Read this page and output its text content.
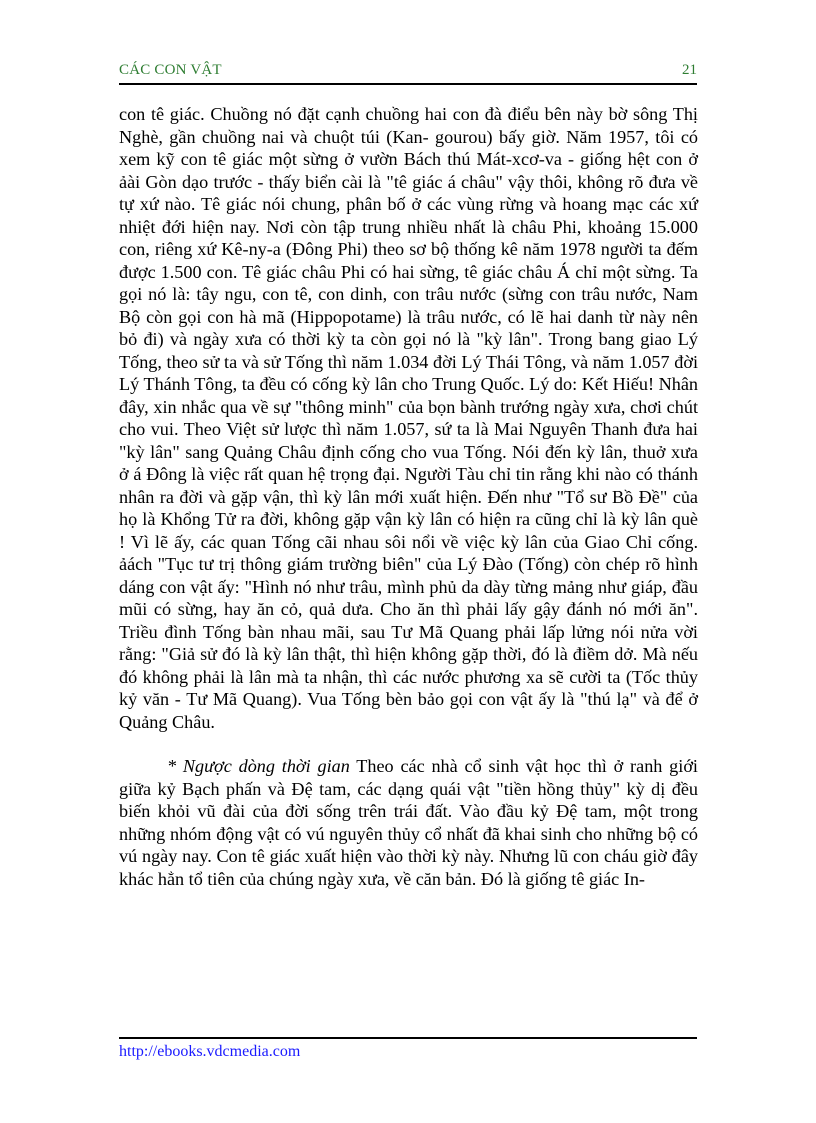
CÁC CON VẬT	21

con tê giác. Chuồng nó đặt cạnh chuồng hai con đà điểu bên này bờ sông Thị Nghè, gần chuồng nai và chuột túi (Kan- gourou) bấy giờ. Năm 1957, tôi có xem kỹ con tê giác một sừng ở vườn Bách thú Mát-xcơ-va - giống hệt con ở ảài Gòn dạo trước - thấy biển cài là "tê giác á châu" vậy thôi, không rõ đưa về tự xứ nào. Tê giác nói chung, phân bố ở các vùng rừng và hoang mạc các xứ nhiệt đới hiện nay. Nơi còn tập trung nhiều nhất là châu Phi, khoảng 15.000 con, riêng xứ Kê-ny-a (Đông Phi) theo sơ bộ thống kê năm 1978 người ta đếm được 1.500 con. Tê giác châu Phi có hai sừng, tê giác châu Á chỉ một sừng. Ta gọi nó là: tây ngu, con tê, con dinh, con trâu nước (sừng con trâu nước, Nam Bộ còn gọi con hà mã (Hippopotame) là trâu nước, có lẽ hai danh từ này nên bỏ đi) và ngày xưa có thời kỳ ta còn gọi nó là "kỳ lân". Trong bang giao Lý Tống, theo sử ta và sử Tống thì năm 1.034 đời Lý Thái Tông, và năm 1.057 đời Lý Thánh Tông, ta đều có cống kỳ lân cho Trung Quốc. Lý do: Kết Hiếu! Nhân đây, xin nhắc qua về sự "thông minh" của bọn bành trướng ngày xưa, chơi chút cho vui. Theo Việt sử lược thì năm 1.057, sứ ta là Mai Nguyên Thanh đưa hai "kỳ lân" sang Quảng Châu định cống cho vua Tống. Nói đến kỳ lân, thuở xưa ở á Đông là việc rất quan hệ trọng đại. Người Tàu chỉ tin rằng khi nào có thánh nhân ra đời và gặp vận, thì kỳ lân mới xuất hiện. Đến như "Tổ sư Bồ Đề" của họ là Khổng Tử ra đời, không gặp vận kỳ lân có hiện ra cũng chỉ là kỳ lân què ! Vì lẽ ấy, các quan Tống cãi nhau sôi nổi về việc kỳ lân của Giao Chỉ cống. ảách "Tục tư trị thông giám trường biên" của Lý Đào (Tống) còn chép rõ hình dáng con vật ấy: "Hình nó như trâu, mình phủ da dày từng mảng như giáp, đầu mũi có sừng, hay ăn cỏ, quả dưa. Cho ăn thì phải lấy gậy đánh nó mới ăn". Triều đình Tống bàn nhau mãi, sau Tư Mã Quang phải lấp lửng nói nửa vời rằng: "Giả sử đó là kỳ lân thật, thì hiện không gặp thời, đó là điềm dở. Mà nếu đó không phải là lân mà ta nhận, thì các nước phương xa sẽ cười ta (Tốc thủy kỷ văn - Tư Mã Quang). Vua Tống bèn bảo gọi con vật ấy là "thú lạ" và để ở Quảng Châu.

* Ngược dòng thời gian Theo các nhà cổ sinh vật học thì ở ranh giới giữa kỷ Bạch phấn và Đệ tam, các dạng quái vật "tiền hồng thủy" kỳ dị đều biến khỏi vũ đài của đời sống trên trái đất. Vào đầu kỷ Đệ tam, một trong những nhóm động vật có vú nguyên thủy cổ nhất đã khai sinh cho những bộ có vú ngày nay. Con tê giác xuất hiện vào thời kỳ này. Nhưng lũ con cháu giờ đây khác hẳn tổ tiên của chúng ngày xưa, về căn bản. Đó là giống tê giác In-

http://ebooks.vdcmedia.com
